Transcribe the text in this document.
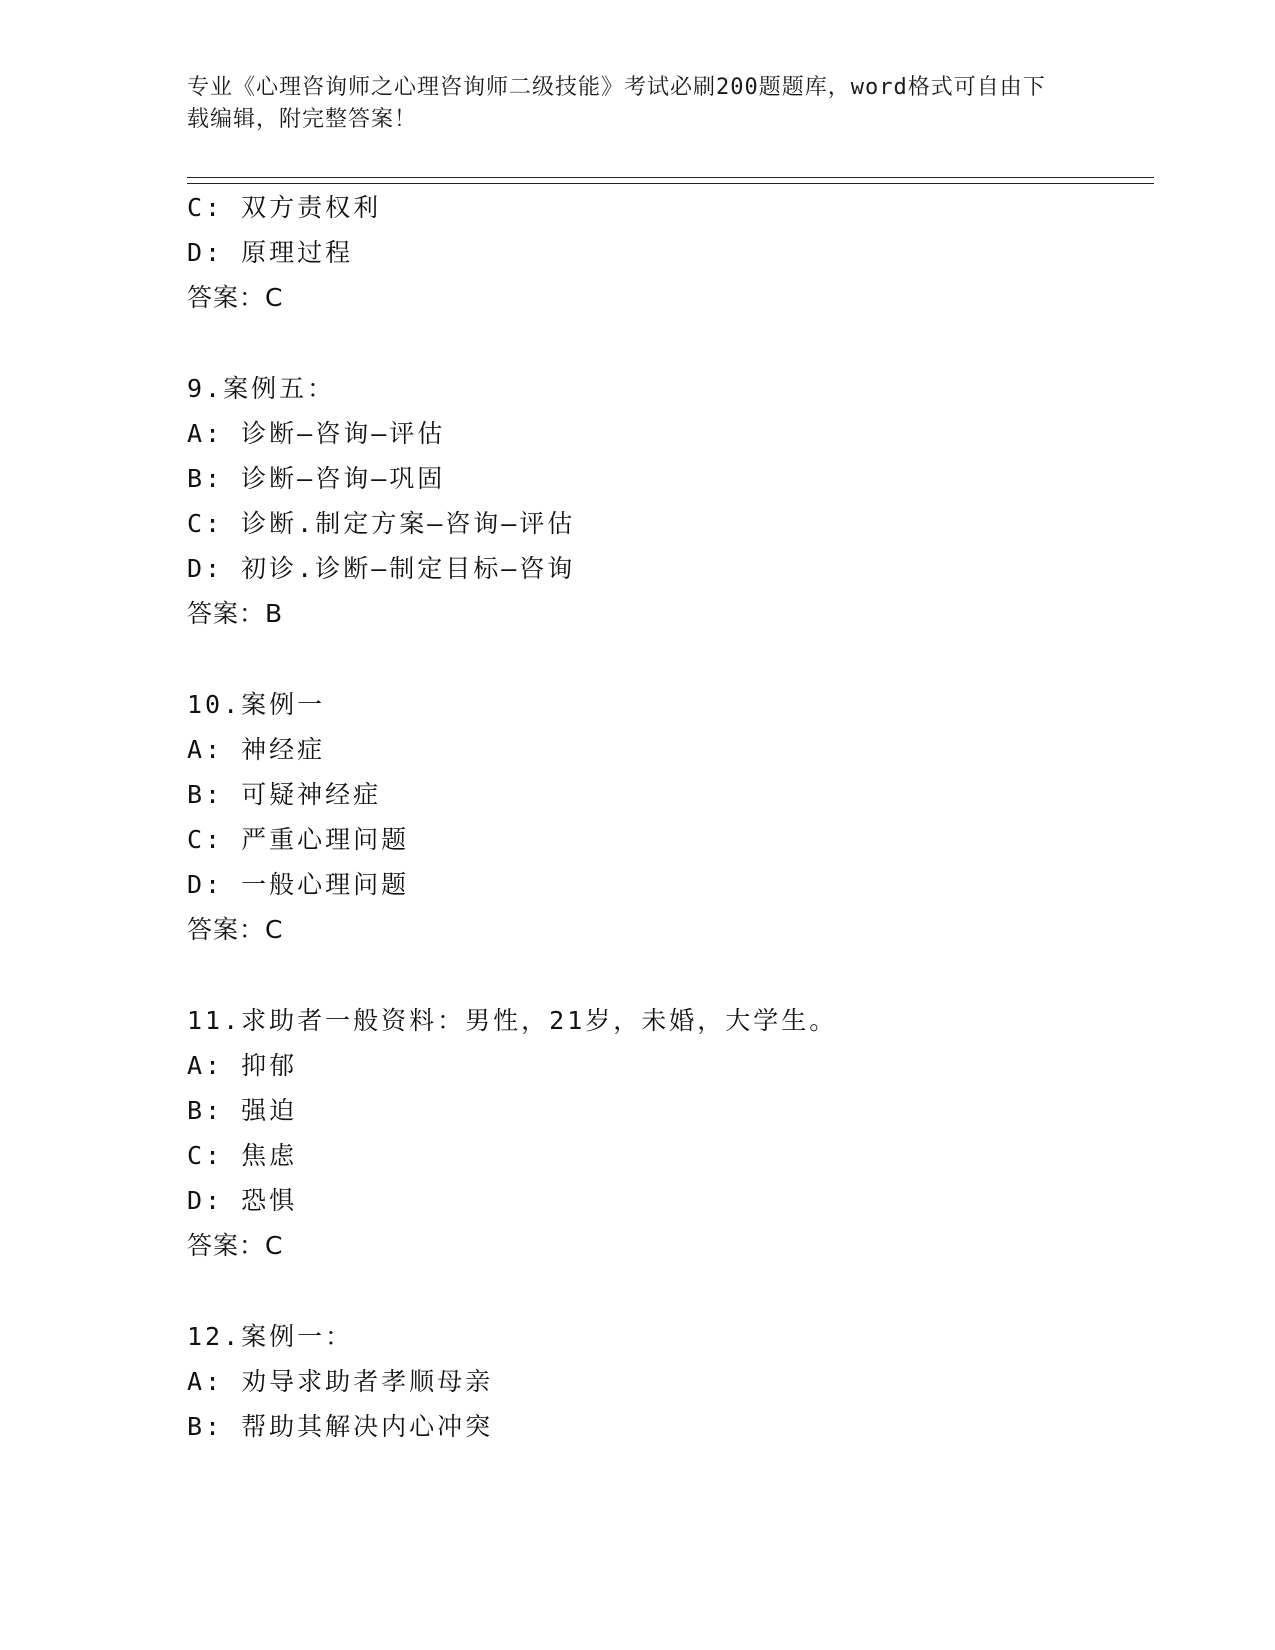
专业《心理咨询师之心理咨询师二级技能》考试必刷200题题库，word格式可自由下载编辑，附完整答案！
C: 双方责权利
D: 原理过程
答案：C
9.案例五：
A: 诊断—咨询—评估
B: 诊断—咨询—巩固
C: 诊断.制定方案—咨询—评估
D: 初诊.诊断—制定目标—咨询
答案：B
10.案例一
A: 神经症
B: 可疑神经症
C: 严重心理问题
D: 一般心理问题
答案：C
11.求助者一般资料：男性，21岁，未婚，大学生。
A: 抑郁
B: 强迫
C: 焦虑
D: 恐惧
答案：C
12.案例一：
A: 劝导求助者孝顺母亲
B: 帮助其解决内心冲突
